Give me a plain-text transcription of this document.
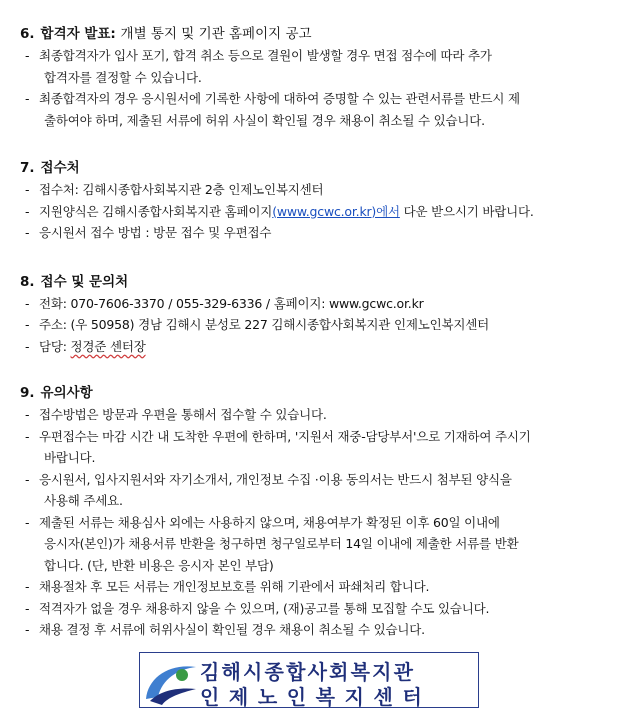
6. 합격자 발표: 개별 통지 및 기관 홈페이지 공고
- 최종합격자가 입사 포기, 합격 취소 등으로 결원이 발생할 경우 면접 점수에 따라 추가
합격자를 결정할 수 있습니다.
- 최종합격자의 경우 응시원서에 기록한 사항에 대하여 증명할 수 있는 관련서류를 반드시 제
출하여야 하며, 제출된 서류에 허위 사실이 확인될 경우 채용이 취소될 수 있습니다.
7. 접수처
- 접수처: 김해시종합사회복지관 2층 인제노인복지센터
- 지원양식은 김해시종합사회복지관 홈페이지(www.gcwc.or.kr)에서 다운 받으시기 바랍니다.
- 응시원서 접수 방법 : 방문 접수 및 우편접수
8. 접수 및 문의처
- 전화: 070-7606-3370 / 055-329-6336 / 홈페이지: www.gcwc.or.kr
- 주소: (우 50958) 경남 김해시 분성로 227 김해시종합사회복지관 인제노인복지센터
- 담당: 정경준 센터장
9. 유의사항
- 접수방법은 방문과 우편을 통해서 접수할 수 있습니다.
- 우편접수는 마감 시간 내 도착한 우편에 한하며, '지원서 재중-담당부서'으로 기재하여 주시기
바랍니다.
- 응시원서, 입사지원서와 자기소개서, 개인정보 수집 ·이용 동의서는 반드시 첨부된 양식을
사용해 주세요.
- 제출된 서류는 채용심사 외에는 사용하지 않으며, 채용여부가 확정된 이후 60일 이내에
응시자(본인)가 채용서류 반환을 청구하면 청구일로부터 14일 이내에 제출한 서류를 반환
합니다. (단, 반환 비용은 응시자 본인 부담)
- 채용절차 후 모든 서류는 개인정보보호를 위해 기관에서 파쇄처리 합니다.
- 적격자가 없을 경우 채용하지 않을 수 있으며, (재)공고를 통해 모집할 수도 있습니다.
- 채용 결정 후 서류에 허위사실이 확인될 경우 채용이 취소될 수 있습니다.
김해시종합사회복지관
인제노인복지센터
